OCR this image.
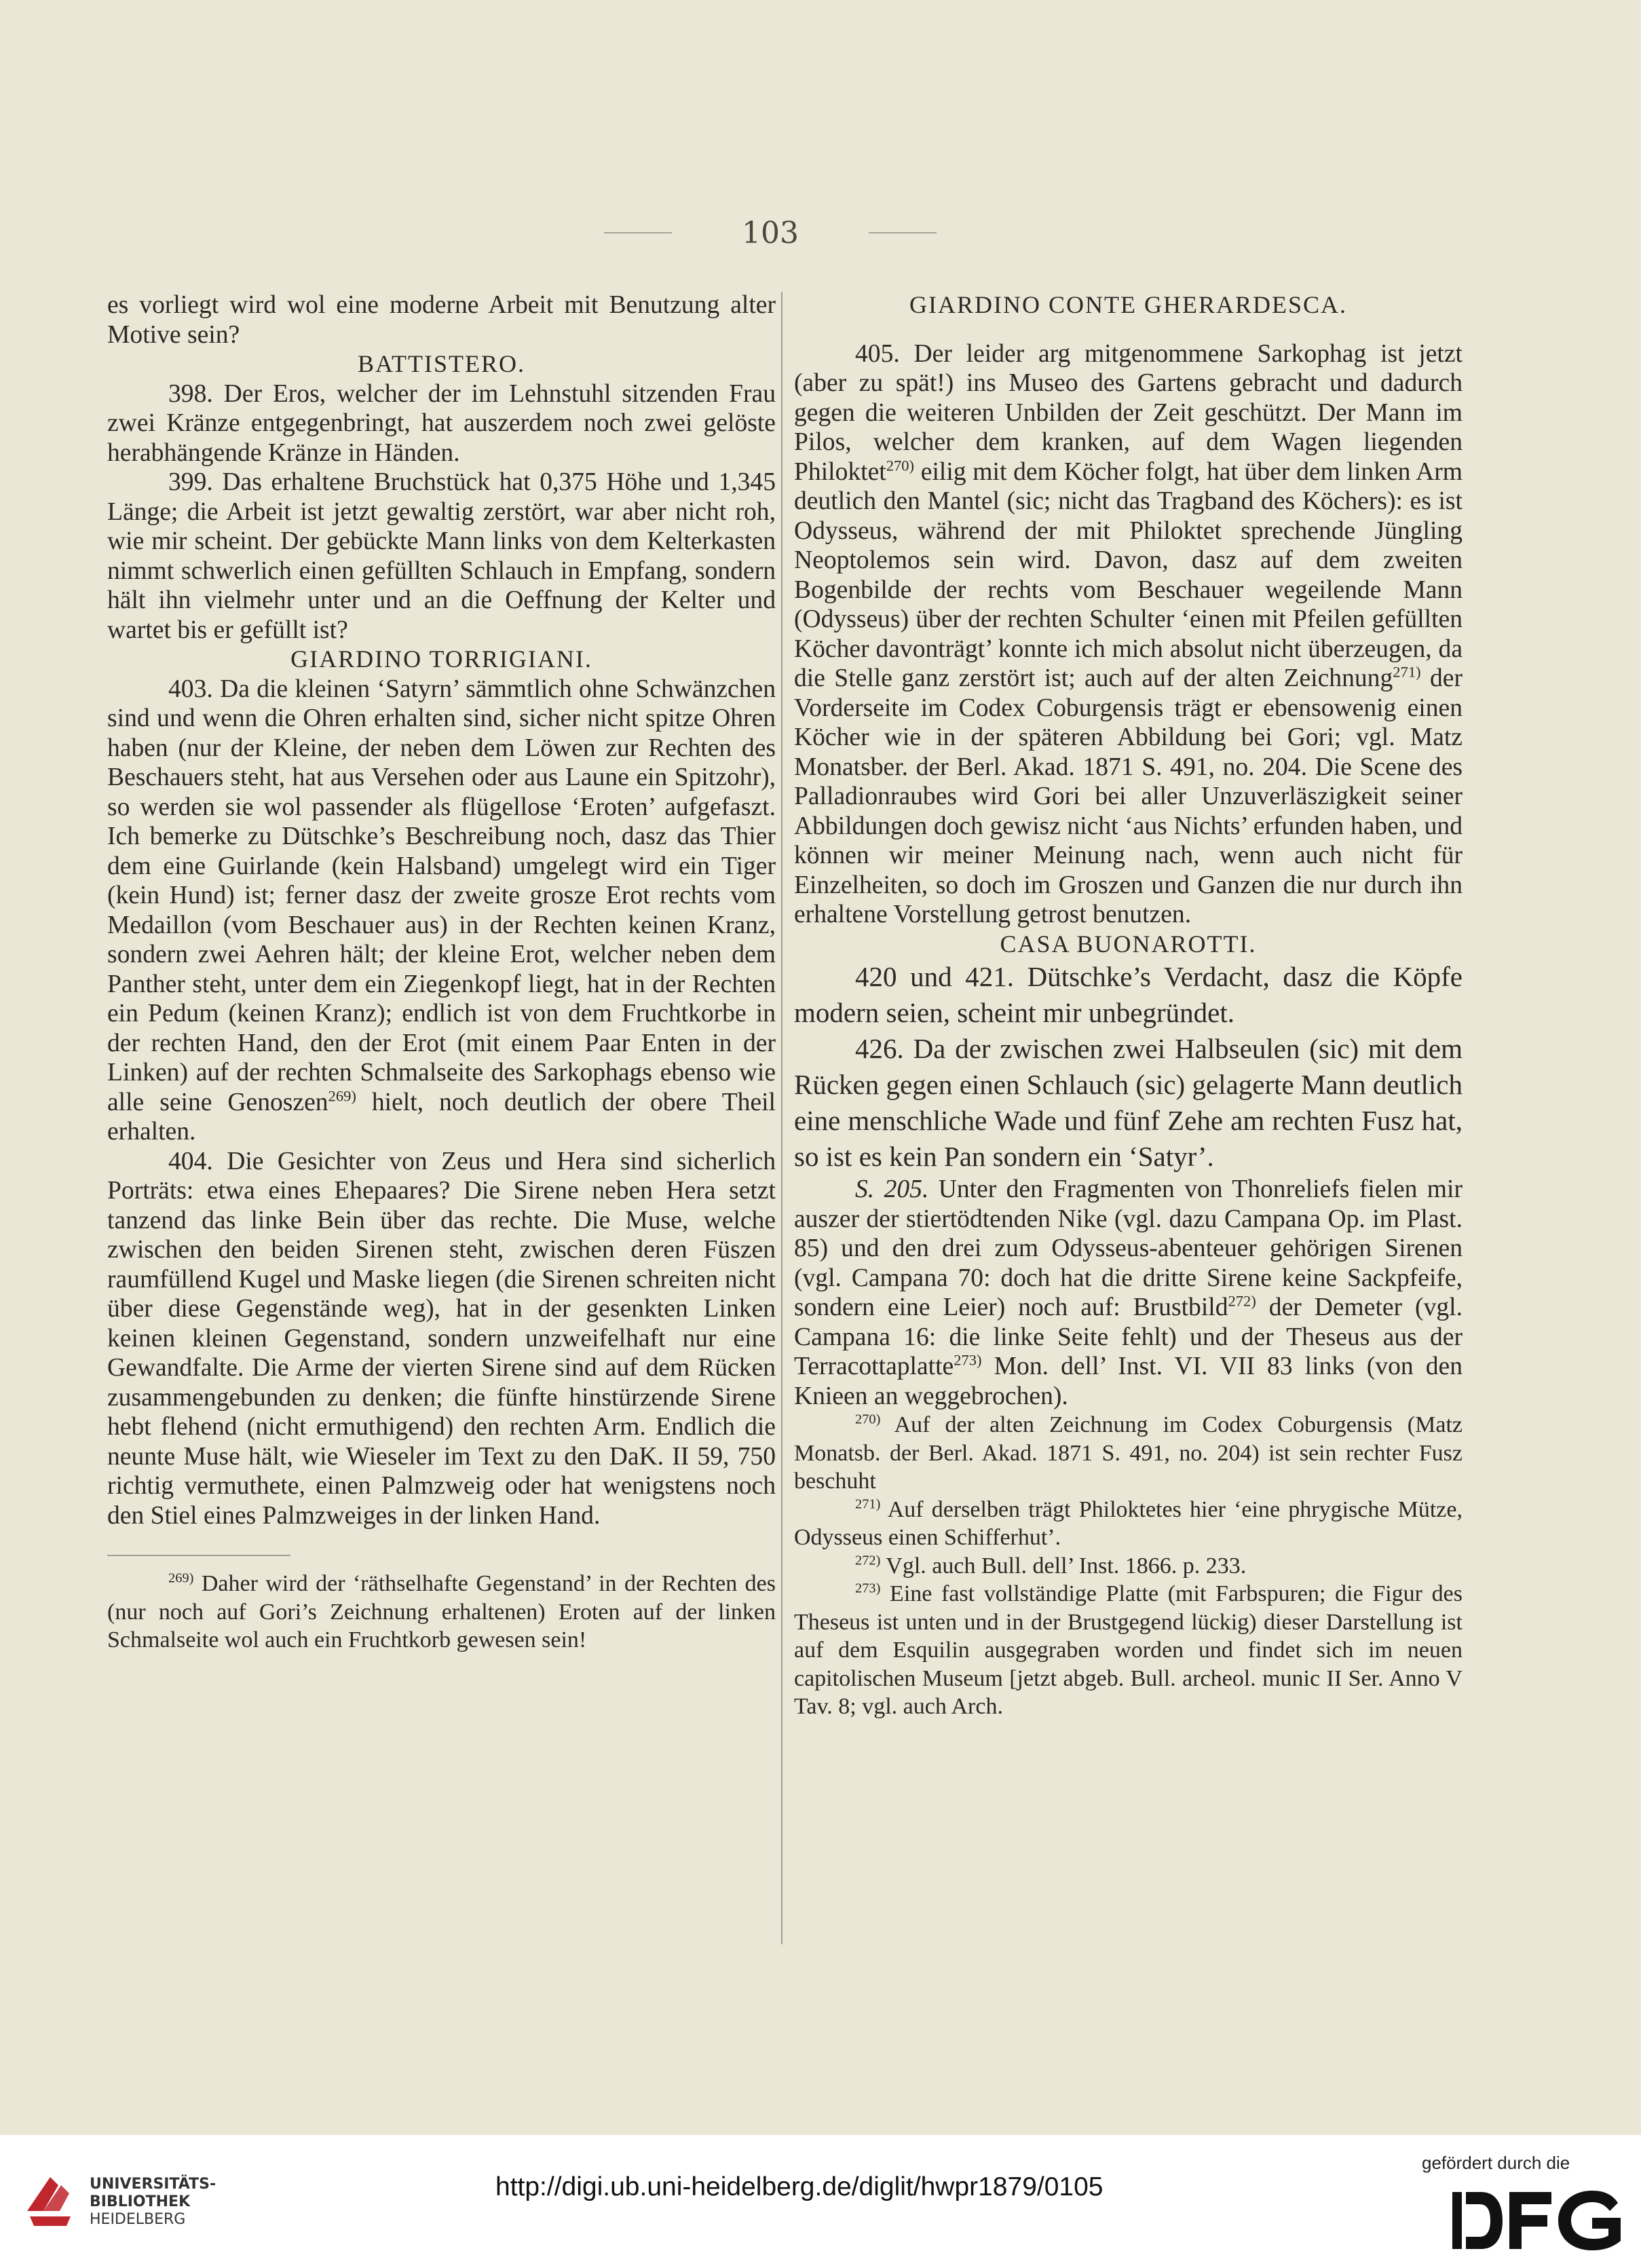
103

es vorliegt wird wol eine moderne Arbeit mit Benutzung alter Motive sein?

BATTISTERO.

398. Der Eros, welcher der im Lehnstuhl sitzenden Frau zwei Kränze entgegenbringt, hat auszerdem noch zwei gelöste herabhängende Kränze in Händen.

399. Das erhaltene Bruchstück hat 0,375 Höhe und 1,345 Länge; die Arbeit ist jetzt gewaltig zerstört, war aber nicht roh, wie mir scheint. Der gebückte Mann links von dem Kelterkasten nimmt schwerlich einen gefüllten Schlauch in Empfang, sondern hält ihn vielmehr unter und an die Oeffnung der Kelter und wartet bis er gefüllt ist?

GIARDINO TORRIGIANI.

403. Da die kleinen ‘Satyrn’ sämmtlich ohne Schwänzchen sind und wenn die Ohren erhalten sind, sicher nicht spitze Ohren haben (nur der Kleine, der neben dem Löwen zur Rechten des Beschauers steht, hat aus Versehen oder aus Laune ein Spitzohr), so werden sie wol passender als flügellose ‘Eroten’ aufgefaszt. Ich bemerke zu Dütschke’s Beschreibung noch, dasz das Thier dem eine Guirlande (kein Halsband) umgelegt wird ein Tiger (kein Hund) ist; ferner dasz der zweite grosze Erot rechts vom Medaillon (vom Beschauer aus) in der Rechten keinen Kranz, sondern zwei Aehren hält; der kleine Erot, welcher neben dem Panther steht, unter dem ein Ziegenkopf liegt, hat in der Rechten ein Pedum (keinen Kranz); endlich ist von dem Fruchtkorbe in der rechten Hand, den der Erot (mit einem Paar Enten in der Linken) auf der rechten Schmalseite des Sarkophags ebenso wie alle seine Genoszen$^{269)}$ hielt, noch deutlich der obere Theil erhalten.

404. Die Gesichter von Zeus und Hera sind sicherlich Porträts: etwa eines Ehepaares? Die Sirene neben Hera setzt tanzend das linke Bein über das rechte. Die Muse, welche zwischen den beiden Sirenen steht, zwischen deren Füszen raumfüllend Kugel und Maske liegen (die Sirenen schreiten nicht über diese Gegenstände weg), hat in der gesenkten Linken keinen kleinen Gegenstand, sondern unzweifelhaft nur eine Gewandfalte. Die Arme der vierten Sirene sind auf dem Rücken zusammengebunden zu denken; die fünfte hinstürzende Sirene hebt flehend (nicht ermuthigend) den rechten Arm. Endlich die neunte Muse hält, wie Wieseler im Text zu den DaK. II 59, 750 richtig vermuthete, einen Palmzweig oder hat wenigstens noch den Stiel eines Palmzweiges in der linken Hand.

$^{269)}$ Daher wird der ‘räthselhafte Gegenstand’ in der Rechten des (nur noch auf Gori’s Zeichnung erhaltenen) Eroten auf der linken Schmalseite wol auch ein Fruchtkorb gewesen sein!

GIARDINO CONTE GHERARDESCA.

405. Der leider arg mitgenommene Sarkophag ist jetzt (aber zu spät!) ins Museo des Gartens gebracht und dadurch gegen die weiteren Unbilden der Zeit geschützt. Der Mann im Pilos, welcher dem kranken, auf dem Wagen liegenden Philoktet$^{270)}$ eilig mit dem Köcher folgt, hat über dem linken Arm deutlich den Mantel (sic; nicht das Tragband des Köchers): es ist Odysseus, während der mit Philoktet sprechende Jüngling Neoptolemos sein wird. Davon, dasz auf dem zweiten Bogenbilde der rechts vom Beschauer wegeilende Mann (Odysseus) über der rechten Schulter ‘einen mit Pfeilen gefüllten Köcher davonträgt’ konnte ich mich absolut nicht überzeugen, da die Stelle ganz zerstört ist; auch auf der alten Zeichnung$^{271)}$ der Vorderseite im Codex Coburgensis trägt er ebensowenig einen Köcher wie in der späteren Abbildung bei Gori; vgl. Matz Monatsber. der Berl. Akad. 1871 S. 491, no. 204. Die Scene des Palladionraubes wird Gori bei aller Unzuverläszigkeit seiner Abbildungen doch gewisz nicht ‘aus Nichts’ erfunden haben, und können wir meiner Meinung nach, wenn auch nicht für Einzelheiten, so doch im Groszen und Ganzen die nur durch ihn erhaltene Vorstellung getrost benutzen.

CASA BUONAROTTI.

420 und 421. Dütschke’s Verdacht, dasz die Köpfe modern seien, scheint mir unbegründet.

426. Da der zwischen zwei Halbseulen (sic) mit dem Rücken gegen einen Schlauch (sic) gelagerte Mann deutlich eine menschliche Wade und fünf Zehe am rechten Fusz hat, so ist es kein Pan sondern ein ‘Satyr’.

S. 205. Unter den Fragmenten von Thonreliefs fielen mir auszer der stiertödtenden Nike (vgl. dazu Campana Op. im Plast. 85) und den drei zum Odysseus-abenteuer gehörigen Sirenen (vgl. Campana 70: doch hat die dritte Sirene keine Sackpfeife, sondern eine Leier) noch auf: Brustbild$^{272)}$ der Demeter (vgl. Campana 16: die linke Seite fehlt) und der Theseus aus der Terracottaplatte$^{273)}$ Mon. dell’ Inst. VI. VII 83 links (von den Knieen an weggebrochen).

$^{270)}$ Auf der alten Zeichnung im Codex Coburgensis (Matz Monatsb. der Berl. Akad. 1871 S. 491, no. 204) ist sein rechter Fusz beschuht

$^{271)}$ Auf derselben trägt Philoktetes hier ‘eine phrygische Mütze, Odysseus einen Schifferhut’.

$^{272)}$ Vgl. auch Bull. dell’ Inst. 1866. p. 233.

$^{273)}$ Eine fast vollständige Platte (mit Farbspuren; die Figur des Theseus ist unten und in der Brustgegend lückig) dieser Darstellung ist auf dem Esquilin ausgegraben worden und findet sich im neuen capitolischen Museum [jetzt abgeb. Bull. archeol. munic II Ser. Anno V Tav. 8; vgl. auch Arch.

UNIVERSITÄTS-
BIBLIOTHEK
HEIDELBERG
http://digi.ub.uni-heidelberg.de/diglit/hwpr1879/0105
gefördert durch die
